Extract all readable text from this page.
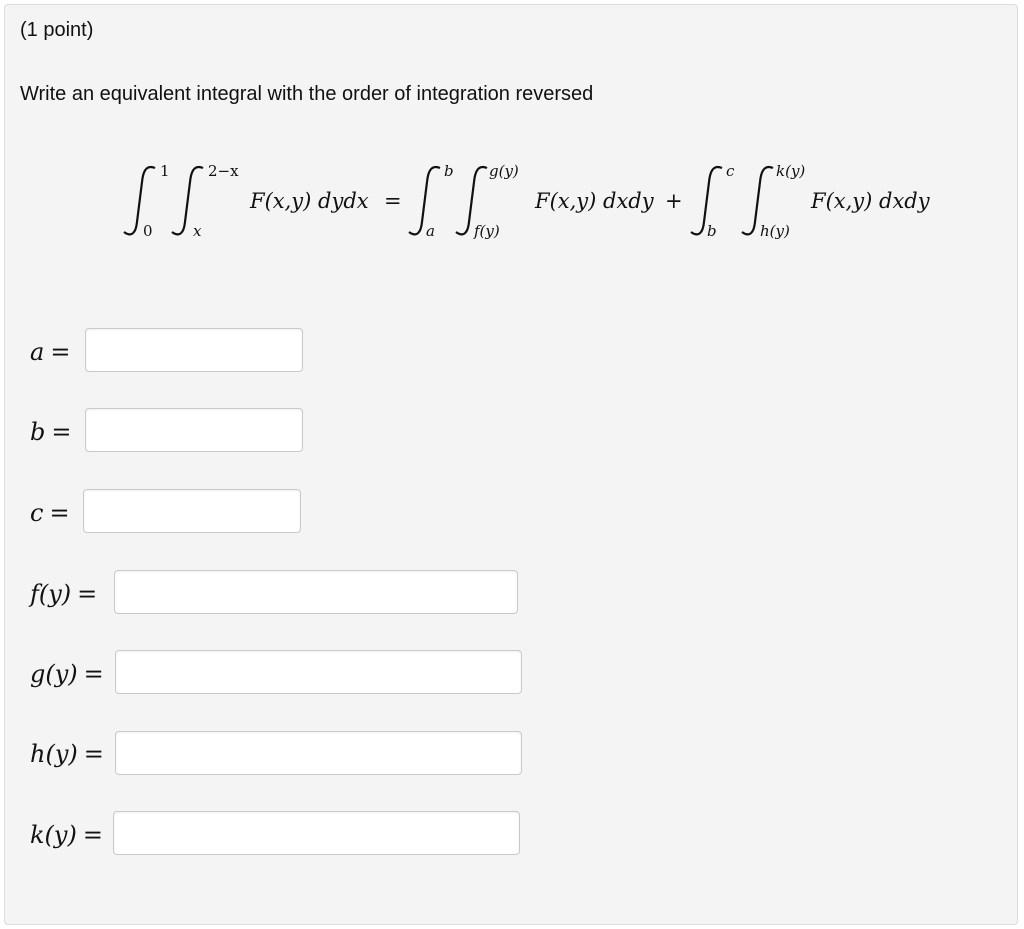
(1 point)
Write an equivalent integral with the order of integration reversed
1
0
2−x
x
F(x,y) dydx =
b
a
g(y)
f(y)
F(x,y) dxdy +
c
b
k(y)
h(y)
F(x,y) dxdy
a =
b =
c =
f(y) =
g(y) =
h(y) =
k(y) =
